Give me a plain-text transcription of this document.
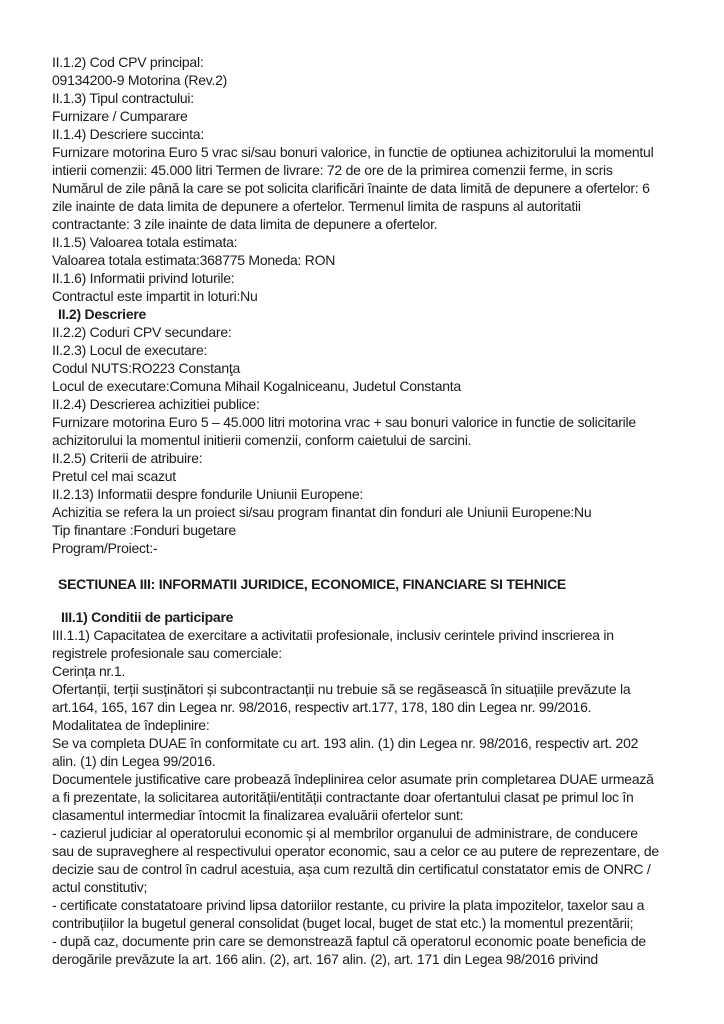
II.1.2) Cod CPV principal:
09134200-9 Motorina (Rev.2)
II.1.3) Tipul contractului:
Furnizare / Cumparare
II.1.4) Descriere succinta:
Furnizare motorina Euro 5 vrac si/sau bonuri valorice, in functie de optiunea achizitorului la momentul
intierii comenzii: 45.000 litri Termen de livrare: 72 de ore de la primirea comenzii ferme, in scris
Numărul de zile până la care se pot solicita clarificări înainte de data limită de depunere a ofertelor: 6
zile inainte de data limita de depunere a ofertelor. Termenul limita de raspuns al autoritatii
contractante: 3 zile inainte de data limita de depunere a ofertelor.
II.1.5) Valoarea totala estimata:
Valoarea totala estimata:368775 Moneda: RON
II.1.6) Informatii privind loturile:
Contractul este impartit in loturi:Nu
II.2) Descriere
II.2.2) Coduri CPV secundare:
II.2.3) Locul de executare:
Codul NUTS:RO223 Constanţa
Locul de executare:Comuna Mihail Kogalniceanu, Judetul Constanta
II.2.4) Descrierea achizitiei publice:
Furnizare motorina Euro 5 – 45.000 litri motorina vrac + sau bonuri valorice in functie de solicitarile
achizitorului la momentul initierii comenzii, conform caietului de sarcini.
II.2.5) Criterii de atribuire:
Pretul cel mai scazut
II.2.13) Informatii despre fondurile Uniunii Europene:
Achizitia se refera la un proiect si/sau program finantat din fonduri ale Uniunii Europene:Nu
Tip finantare :Fonduri bugetare
Program/Proiect:-
SECTIUNEA III: INFORMATII JURIDICE, ECONOMICE, FINANCIARE SI TEHNICE
III.1) Conditii de participare
III.1.1) Capacitatea de exercitare a activitatii profesionale, inclusiv cerintele privind inscrierea in
registrele profesionale sau comerciale:
Cerința nr.1.
Ofertanții, terții susținători și subcontractanții nu trebuie să se regăsească în situațiile prevăzute la
art.164, 165, 167 din Legea nr. 98/2016, respectiv art.177, 178, 180 din Legea nr. 99/2016.
Modalitatea de îndeplinire:
Se va completa DUAE în conformitate cu art. 193 alin. (1) din Legea nr. 98/2016, respectiv art. 202
alin. (1) din Legea 99/2016.
Documentele justificative care probează îndeplinirea celor asumate prin completarea DUAE urmează
a fi prezentate, la solicitarea autorității/entității contractante doar ofertantului clasat pe primul loc în
clasamentul intermediar întocmit la finalizarea evaluării ofertelor sunt:
- cazierul judiciar al operatorului economic și al membrilor organului de administrare, de conducere
sau de supraveghere al respectivului operator economic, sau a celor ce au putere de reprezentare, de
decizie sau de control în cadrul acestuia, așa cum rezultă din certificatul constatator emis de ONRC /
actul constitutiv;
- certificate constatatoare privind lipsa datoriilor restante, cu privire la plata impozitelor, taxelor sau a
contribuțiilor la bugetul general consolidat (buget local, buget de stat etc.) la momentul prezentării;
- după caz, documente prin care se demonstrează faptul că operatorul economic poate beneficia de
derogările prevăzute la art. 166 alin. (2), art. 167 alin. (2), art. 171 din Legea 98/2016 privind
